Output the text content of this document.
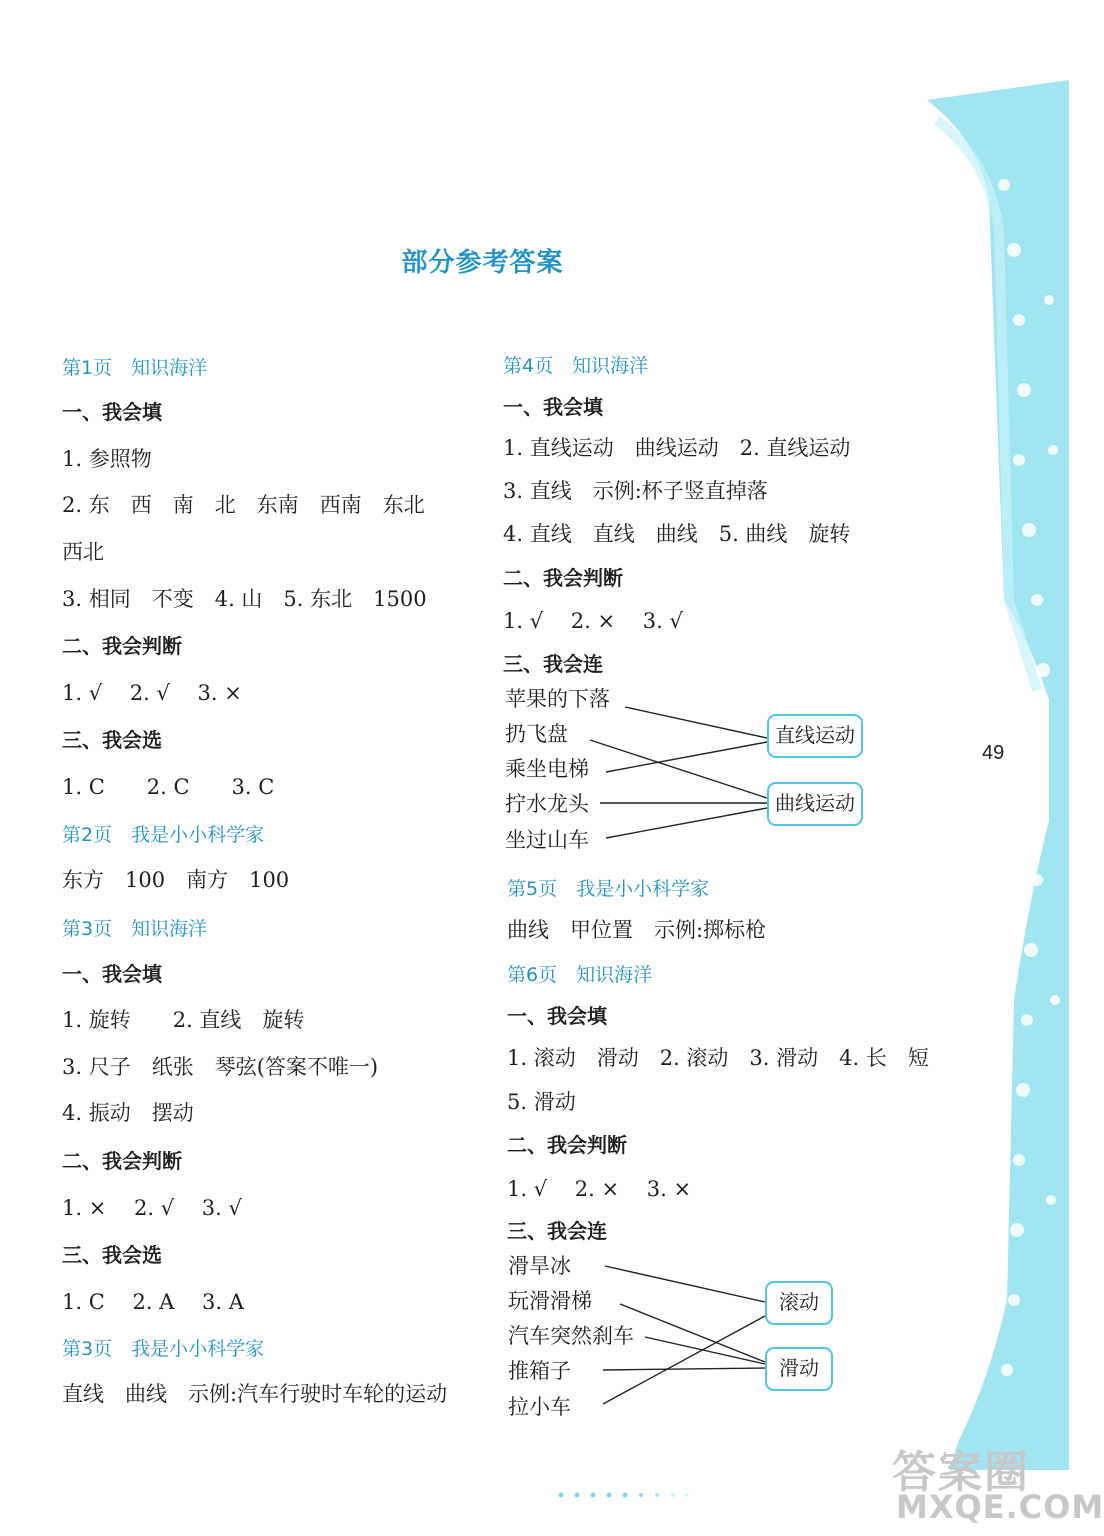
49
部分参考答案
第1页　知识海洋
一、我会填
1. 参照物
2. 东　西　南　北　东南　西南　东北
西北
3. 相同　不变　4. 山　5. 东北　1500
二、我会判断
1. √　 2. √　 3. ×
三、我会选
1. C　　2. C　　3. C
第2页　我是小小科学家
东方　100　南方　100
第3页　知识海洋
一、我会填
1. 旋转　　2. 直线　旋转
3. 尺子　纸张　琴弦(答案不唯一)
4. 振动　摆动
二、我会判断
1. ×　 2. √　 3. √
三、我会选
1. C　 2. A　 3. A
第3页　我是小小科学家
直线　曲线　示例:汽车行驶时车轮的运动
第4页　知识海洋
一、我会填
1. 直线运动　曲线运动　2. 直线运动
3. 直线　示例:杯子竖直掉落
4. 直线　直线　曲线　5. 曲线　旋转
二、我会判断
1. √　 2. ×　 3. √
三、我会连
苹果的下落
扔飞盘
乘坐电梯
拧水龙头
坐过山车
直线运动
曲线运动
第5页　我是小小科学家
曲线　甲位置　示例:掷标枪
第6页　知识海洋
一、我会填
1. 滚动　滑动　2. 滚动　3. 滑动　4. 长　短
5. 滑动
二、我会判断
1. √　 2. ×　 3. ×
三、我会连
滑旱冰
玩滑滑梯
汽车突然刹车
推箱子
拉小车
滚动
滑动
答案圈
MXQE.COM
